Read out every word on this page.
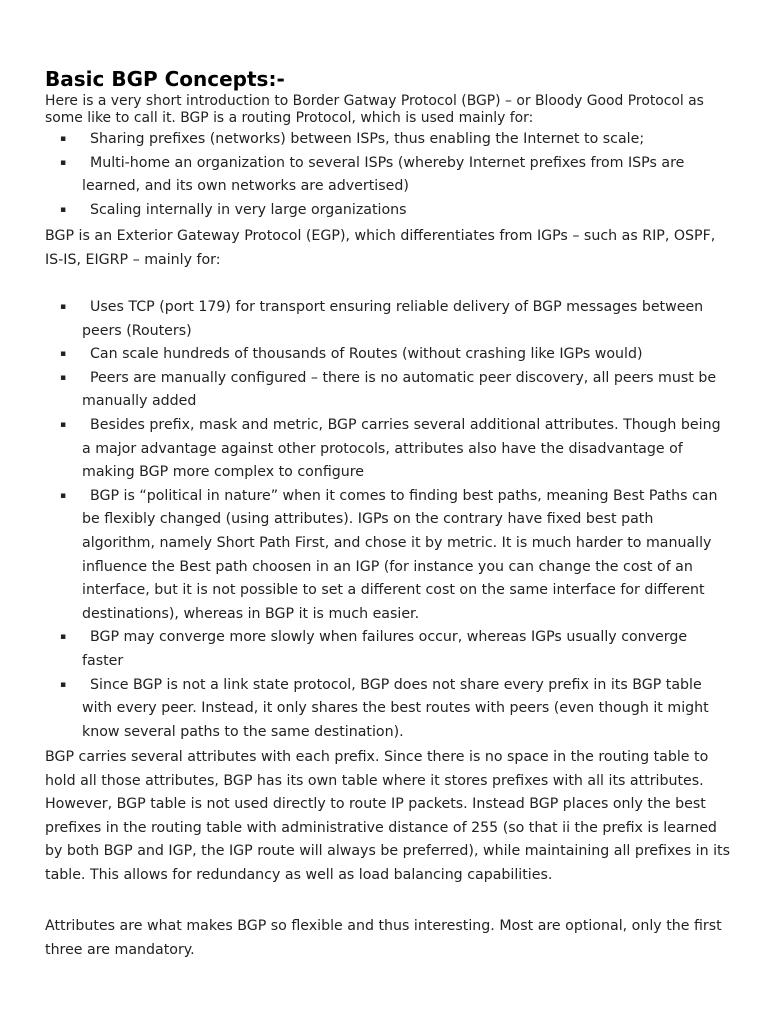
Basic BGP Concepts:-

Here is a very short introduction to Border Gatway Protocol (BGP) – or Bloody Good Protocol as some like to call it. BGP is a routing Protocol, which is used mainly for:

▪	Sharing prefixes (networks) between ISPs, thus enabling the Internet to scale;
▪	Multi-home an organization to several ISPs (whereby Internet prefixes from ISPs are learned, and its own networks are advertised)
▪	Scaling internally in very large organizations

BGP is an Exterior Gateway Protocol (EGP), which differentiates from IGPs – such as RIP, OSPF, IS-IS, EIGRP – mainly for:

▪	Uses TCP (port 179) for transport ensuring reliable delivery of BGP messages between peers (Routers)
▪	Can scale hundreds of thousands of Routes (without crashing like IGPs would)
▪	Peers are manually configured – there is no automatic peer discovery, all peers must be manually added
▪	Besides prefix, mask and metric, BGP carries several additional attributes. Though being a major advantage against other protocols, attributes also have the disadvantage of making BGP more complex to configure
▪	BGP is “political in nature” when it comes to finding best paths, meaning Best Paths can be flexibly changed (using attributes). IGPs on the contrary have fixed best path algorithm, namely Short Path First, and chose it by metric. It is much harder to manually influence the Best path choosen in an IGP (for instance you can change the cost of an interface, but it is not possible to set a different cost on the same interface for different destinations), whereas in BGP it is much easier.
▪	BGP may converge more slowly when failures occur, whereas IGPs usually converge faster
▪	Since BGP is not a link state protocol, BGP does not share every prefix in its BGP table with every peer. Instead, it only shares the best routes with peers (even though it might know several paths to the same destination).

BGP carries several attributes with each prefix. Since there is no space in the routing table to hold all those attributes, BGP has its own table where it stores prefixes with all its attributes. However, BGP table is not used directly to route IP packets. Instead BGP places only the best prefixes in the routing table with administrative distance of 255 (so that ii the prefix is learned by both BGP and IGP, the IGP route will always be preferred), while maintaining all prefixes in its table. This allows for redundancy as well as load balancing capabilities.

Attributes are what makes BGP so flexible and thus interesting. Most are optional, only the first three are mandatory.
